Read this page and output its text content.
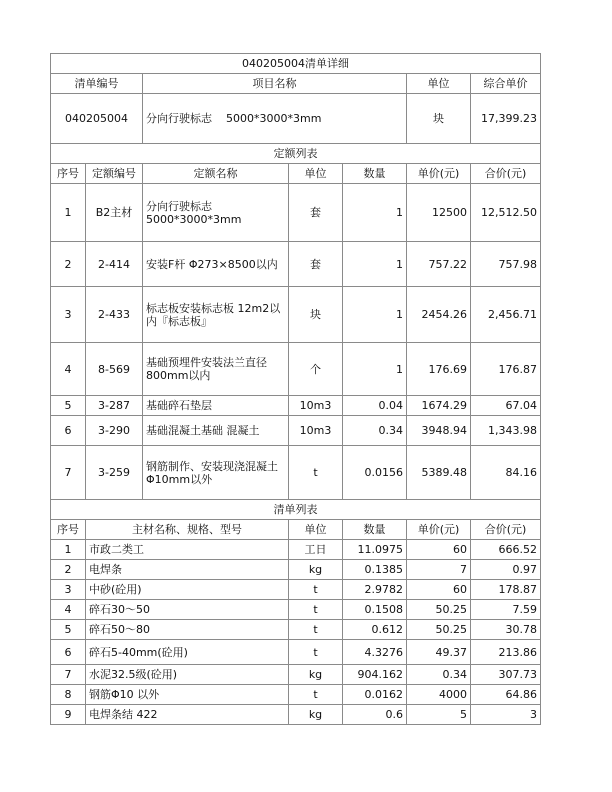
040205004清单详细						
清单编号		项目名称			单位	综合单价
040205004		分向行驶标志    5000*3000*3mm			块	17,399.23
定额列表						
序号	定额编号	定额名称	单位	数量	单价(元)	合价(元)
1	B2主材	分向行驶标志 5000*3000*3mm	套	1	12500	12,512.50
2	2-414	安装F杆 Φ273×8500以内	套	1	757.22	757.98
3	2-433	标志板安装标志板 12m2以内『标志板』	块	1	2454.26	2,456.71
4	8-569	基础预埋件安装法兰直径800mm以内	个	1	176.69	176.87
5	3-287	基础碎石垫层	10m3	0.04	1674.29	67.04
6	3-290	基础混凝土基础 混凝土	10m3	0.34	3948.94	1,343.98
7	3-259	钢筋制作、安装现浇混凝土Φ10mm以外	t	0.0156	5389.48	84.16
清单列表						
序号	主材名称、规格、型号		单位	数量	单价(元)	合价(元)
1	市政二类工		工日	11.0975	60	666.52
2	电焊条		kg	0.1385	7	0.97
3	中砂(砼用)		t	2.9782	60	178.87
4	碎石30～50		t	0.1508	50.25	7.59
5	碎石50～80		t	0.612	50.25	30.78
6	碎石5-40mm(砼用)		t	4.3276	49.37	213.86
7	水泥32.5级(砼用)		kg	904.162	0.34	307.73
8	钢筋Φ10 以外		t	0.0162	4000	64.86
9	电焊条结 422		kg	0.6	5	3
